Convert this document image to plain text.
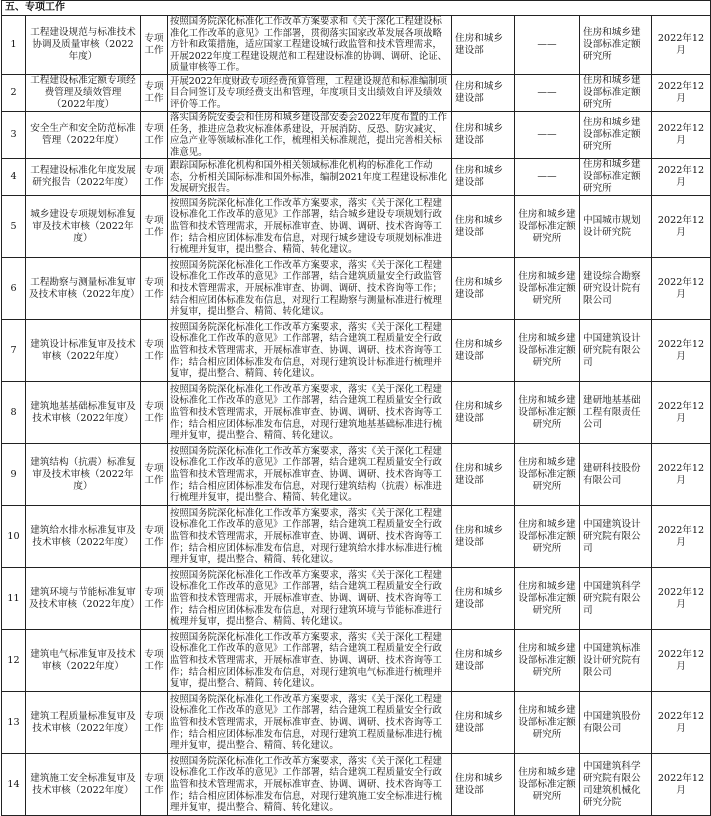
五、专项工作							
1	工程建设规范与标准技术协调及质量审核（2022年度）	专项工作	按照国务院深化标准化工作改革方案要求和《关于深化工程建设标准化工作改革的意见》工作部署，贯彻落实国家改革发展各项战略方针和政策措施，适应国家工程建设城行政监管和技术管理需求，开展2022年度工程建设规范和工程建设标准的协调、调研、论证、质量审核等工作。	住房和城乡建设部	——	住房和城乡建设部标准定额研究所	2022年12月
2	工程建设标准定额专项经费管理及绩效管理（2022年度）	专项工作	开展2022年度财政专项经费预算管理，工程建设规范和标准编制项目合同签订及专项经费支出和管理，年度项目支出绩效自评及绩效评价等工作。	住房和城乡建设部	——	住房和城乡建设部标准定额研究所	2022年12月
3	安全生产和安全防范标准管理（2022年度）	专项工作	落实国务院安委会和住房和城乡建设部安委会2022年度布置的工作任务，推进应急救灾标准体系建设，开展消防、反恐、防灾减灾、应急产业等领域标准化工作，梳理相关标准规范，提出完善相关标准意见。	住房和城乡建设部	——	住房和城乡建设部标准定额研究所	2022年12月
4	工程建设标准化年度发展研究报告（2022年度）	专项工作	跟踪国际标准化机构和国外相关领域标准化机构的标准化工作动态，分析相关国际标准和国外标准，编制2021年度工程建设标准化发展研究报告。	住房和城乡建设部	——	住房和城乡建设部标准定额研究所	2022年12月
5	城乡建设专项规划标准复审及技术审核（2022年度）	专项工作	按照国务院深化标准化工作改革方案要求，落实《关于深化工程建设标准化工作改革的意见》工作部署，结合城乡建设专项规划行政监管和技术管理需求，开展标准审查、协调、调研、技术咨询等工作；结合相应团体标准发布信息，对现行城乡建设专项规划标准进行梳理并复审，提出整合、精简、转化建议。	住房和城乡建设部	住房和城乡建设部标准定额研究所	中国城市规划设计研究院	2022年12月
6	工程勘察与测量标准复审及技术审核（2022年度）	专项工作	按照国务院深化标准化工作改革方案要求，落实《关于深化工程建设标准化工作改革的意见》工作部署，结合建筑质量安全行政监管和技术管理需求，开展标准审查、协调、调研、技术咨询等工作；结合相应团体标准发布信息，对现行工程勘察与测量标准进行梳理并复审，提出整合、精简、转化建议。	住房和城乡建设部	住房和城乡建设部标准定额研究所	建设综合勘察研究设计院有限公司	2022年12月
7	建筑设计标准复审及技术审核（2022年度）	专项工作	按照国务院深化标准化工作改革方案要求，落实《关于深化工程建设标准化工作改革的意见》工作部署，结合建筑工程质量安全行政监管和技术管理需求，开展标准审查、协调、调研、技术咨询等工作；结合相应团体标准发布信息，对现行建筑设计标准进行梳理并复审，提出整合、精简、转化建议。	住房和城乡建设部	住房和城乡建设部标准定额研究所	中国建筑设计研究院有限公司	2022年12月
8	建筑地基基础标准复审及技术审核（2022年度）	专项工作	按照国务院深化标准化工作改革方案要求，落实《关于深化工程建设标准化工作改革的意见》工作部署，结合建筑工程质量安全行政监管和技术管理需求，开展标准审查、协调、调研、技术咨询等工作；结合相应团体标准发布信息，对现行建筑地基基础标准进行梳理并复审，提出整合、精简、转化建议。	住房和城乡建设部	住房和城乡建设部标准定额研究所	建研地基基础工程有限责任公司	2022年12月
9	建筑结构（抗震）标准复审及技术审核（2022年度）	专项工作	按照国务院深化标准化工作改革方案要求，落实《关于深化工程建设标准化工作改革的意见》工作部署，结合建筑工程质量安全行政监管和技术管理需求，开展标准审查、协调、调研、技术咨询等工作；结合相应团体标准发布信息，对现行建筑结构（抗震）标准进行梳理并复审，提出整合、精简、转化建议。	住房和城乡建设部	住房和城乡建设部标准定额研究所	建研科技股份有限公司	2022年12月
10	建筑给水排水标准复审及技术审核（2022年度）	专项工作	按照国务院深化标准化工作改革方案要求，落实《关于深化工程建设标准化工作改革的意见》工作部署，结合建筑工程质量安全行政监管和技术管理需求，开展标准审查、协调、调研、技术咨询等工作；结合相应团体标准发布信息，对现行建筑给水排水标准进行梳理并复审，提出整合、精简、转化建议。	住房和城乡建设部	住房和城乡建设部标准定额研究所	中国建筑设计研究院有限公司	2022年12月
11	建筑环境与节能标准复审及技术审核（2022年度）	专项工作	按照国务院深化标准化工作改革方案要求，落实《关于深化工程建设标准化工作改革的意见》工作部署，结合建筑工程质量安全行政监管和技术管理需求，开展标准审查、协调、调研、技术咨询等工作；结合相应团体标准发布信息，对现行建筑环境与节能标准进行梳理并复审，提出整合、精简、转化建议。	住房和城乡建设部	住房和城乡建设部标准定额研究所	中国建筑科学研究院有限公司	2022年12月
12	建筑电气标准复审及技术审核（2022年度）	专项工作	按照国务院深化标准化工作改革方案要求，落实《关于深化工程建设标准化工作改革的意见》工作部署，结合建筑工程质量安全行政监管和技术管理需求，开展标准审查、协调、调研、技术咨询等工作；结合相应团体标准发布信息，对现行建筑电气标准进行梳理并复审，提出整合、精简、转化建议。	住房和城乡建设部	住房和城乡建设部标准定额研究所	中国建筑标准设计研究院有限公司	2022年12月
13	建筑工程质量标准复审及技术审核（2022年度）	专项工作	按照国务院深化标准化工作改革方案要求，落实《关于深化工程建设标准化工作改革的意见》工作部署，结合建筑工程质量安全行政监管和技术管理需求，开展标准审查、协调、调研、技术咨询等工作；结合相应团体标准发布信息，对现行建筑工程质量标准进行梳理并复审，提出整合、精简、转化建议。	住房和城乡建设部	住房和城乡建设部标准定额研究所	中国建筑股份有限公司	2022年12月
14	建筑施工安全标准复审及技术审核（2022年度）	专项工作	按照国务院深化标准化工作改革方案要求，落实《关于深化工程建设标准化工作改革的意见》工作部署，结合建筑工程质量安全行政监管和技术管理需求，开展标准审查、协调、调研、技术咨询等工作；结合相应团体标准发布信息，对现行建筑施工安全标准进行梳理并复审，提出整合、精简、转化建议。	住房和城乡建设部	住房和城乡建设部标准定额研究所	中国建筑科学研究院有限公司建筑机械化研究分院	2022年12月
